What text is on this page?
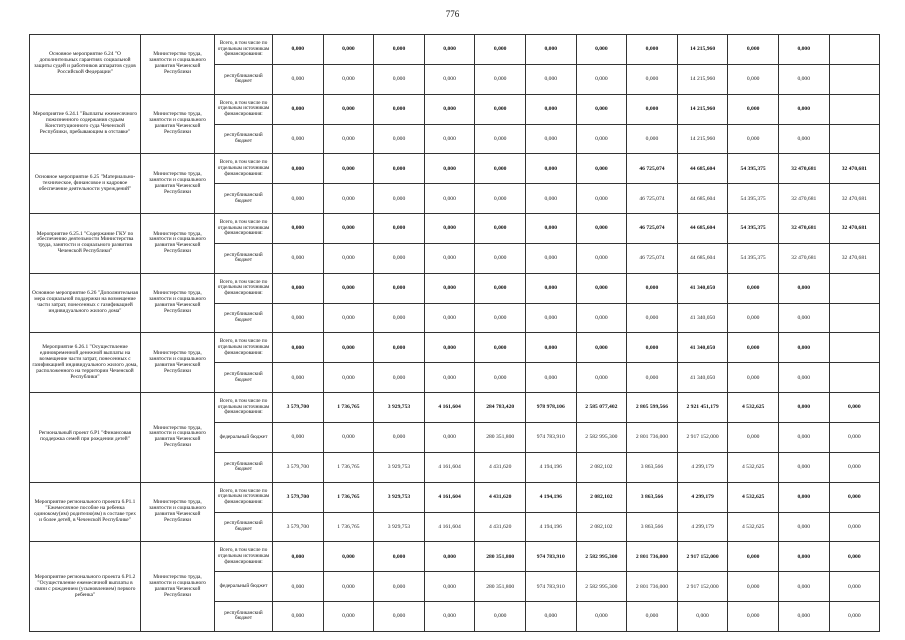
776
Основное мероприятие 6.24 "О дополнительных гарантиях социальной защиты судей и работников аппаратов судов Российской Федерации"	Министерство труда, занятости и социального развития Чеченской Республики	Всего, в том числе по отдельным источникам финансирования:	0,000	0,000	0,000	0,000	0,000	0,000	0,000	0,000	14 215,960	0,000	0,000	
		республиканский бюджет	0,000	0,000	0,000	0,000	0,000	0,000	0,000	0,000	14 215,960	0,000	0,000	
Мероприятие 6.24.1 "Выплаты ежемесячного пожизненного содержания судьям Конституционного суда Чеченской Республики, пребывающим в отставке"	Министерство труда, занятости и социального развития Чеченской Республики	Всего, в том числе по отдельным источникам финансирования:	0,000	0,000	0,000	0,000	0,000	0,000	0,000	0,000	14 215,960	0,000	0,000	
		республиканский бюджет	0,000	0,000	0,000	0,000	0,000	0,000	0,000	0,000	14 215,960	0,000	0,000	
Основное мероприятие 6.25 "Материально-техническое, финансовое и кадровое обеспечение деятельности учреждений"	Министерство труда, занятости и социального развития Чеченской Республики	Всего, в том числе по отдельным источникам финансирования:	0,000	0,000	0,000	0,000	0,000	0,000	0,000	46 725,074	44 685,604	54 395,375	32 470,681	32 470,681
		республиканский бюджет	0,000	0,000	0,000	0,000	0,000	0,000	0,000	46 725,074	44 685,604	54 395,375	32 470,681	32 470,681
Мероприятие 6.25.1 "Содержание ГКУ по обеспечению деятельности Министерства труда, занятости и социального развития Чеченской Республики"	Министерство труда, занятости и социального развития Чеченской Республики	Всего, в том числе по отдельным источникам финансирования:	0,000	0,000	0,000	0,000	0,000	0,000	0,000	46 725,074	44 685,604	54 395,375	32 470,681	32 470,681
		республиканский бюджет	0,000	0,000	0,000	0,000	0,000	0,000	0,000	46 725,074	44 685,604	54 395,375	32 470,681	32 470,681
Основное мероприятие 6.26 "Дополнительная мера социальной поддержки на возмещение части затрат, понесенных с газификацией индивидуального жилого дома"	Министерство труда, занятости и социального развития Чеченской Республики	Всего, в том числе по отдельным источникам финансирования:	0,000	0,000	0,000	0,000	0,000	0,000	0,000	0,000	41 340,050	0,000	0,000	
		республиканский бюджет	0,000	0,000	0,000	0,000	0,000	0,000	0,000	0,000	41 340,050	0,000	0,000	
Мероприятие 6.26.1 "Осуществление единовременной денежной выплаты на возмещение части затрат, понесенных с газификацией индивидуального жилого дома, расположенного на территории Чеченской Республики"	Министерство труда, занятости и социального развития Чеченской Республики	Всего, в том числе по отдельным источникам финансирования:	0,000	0,000	0,000	0,000	0,000	0,000	0,000	0,000	41 340,050	0,000	0,000	
		республиканский бюджет	0,000	0,000	0,000	0,000	0,000	0,000	0,000	0,000	41 340,050	0,000	0,000	
Региональный проект 6.Р1 "Финансовая поддержка семей при рождении детей"	Министерство труда, занятости и социального развития Чеченской Республики	Всего, в том числе по отдельным источникам финансирования:	3 579,700	1 736,765	3 929,753	4 161,604	284 783,420	978 978,106	2 585 077,402	2 805 599,566	2 921 451,179	4 532,625	0,000	0,000
		федеральный бюджет	0,000	0,000	0,000	0,000	280 351,800	974 783,910	2 582 995,300	2 801 736,000	2 917 152,000	0,000	0,000	0,000
		республиканский бюджет	3 579,700	1 736,765	3 929,753	4 161,604	4 431,620	4 194,196	2 082,102	3 863,566	4 299,179	4 532,625	0,000	0,000
Мероприятие регионального проекта 6.Р1.1 "Ежемесячное пособие на ребенка одинокому(им) родителю(ям) в составе трех и более детей, в Чеченской Республике"	Министерство труда, занятости и социального развития Чеченской Республики	Всего, в том числе по отдельным источникам финансирования:	3 579,700	1 736,765	3 929,753	4 161,604	4 431,620	4 194,196	2 082,102	3 863,566	4 299,179	4 532,625	0,000	0,000
		республиканский бюджет	3 579,700	1 736,765	3 929,753	4 161,604	4 431,620	4 194,196	2 082,102	3 863,566	4 299,179	4 532,625	0,000	0,000
Мероприятие регионального проекта 6.Р1.2 "Осуществление ежемесячной выплаты в связи с рождением (усыновлением) первого ребенка"	Министерство труда, занятости и социального развития Чеченской Республики	Всего, в том числе по отдельным источникам финансирования:	0,000	0,000	0,000	0,000	280 351,800	974 783,910	2 582 995,300	2 801 736,000	2 917 152,000	0,000	0,000	0,000
		федеральный бюджет	0,000	0,000	0,000	0,000	280 351,800	974 783,910	2 582 995,300	2 801 736,000	2 917 152,000	0,000	0,000	0,000
		республиканский бюджет	0,000	0,000	0,000	0,000	0,000	0,000	0,000	0,000	0,000	0,000	0,000	0,000
